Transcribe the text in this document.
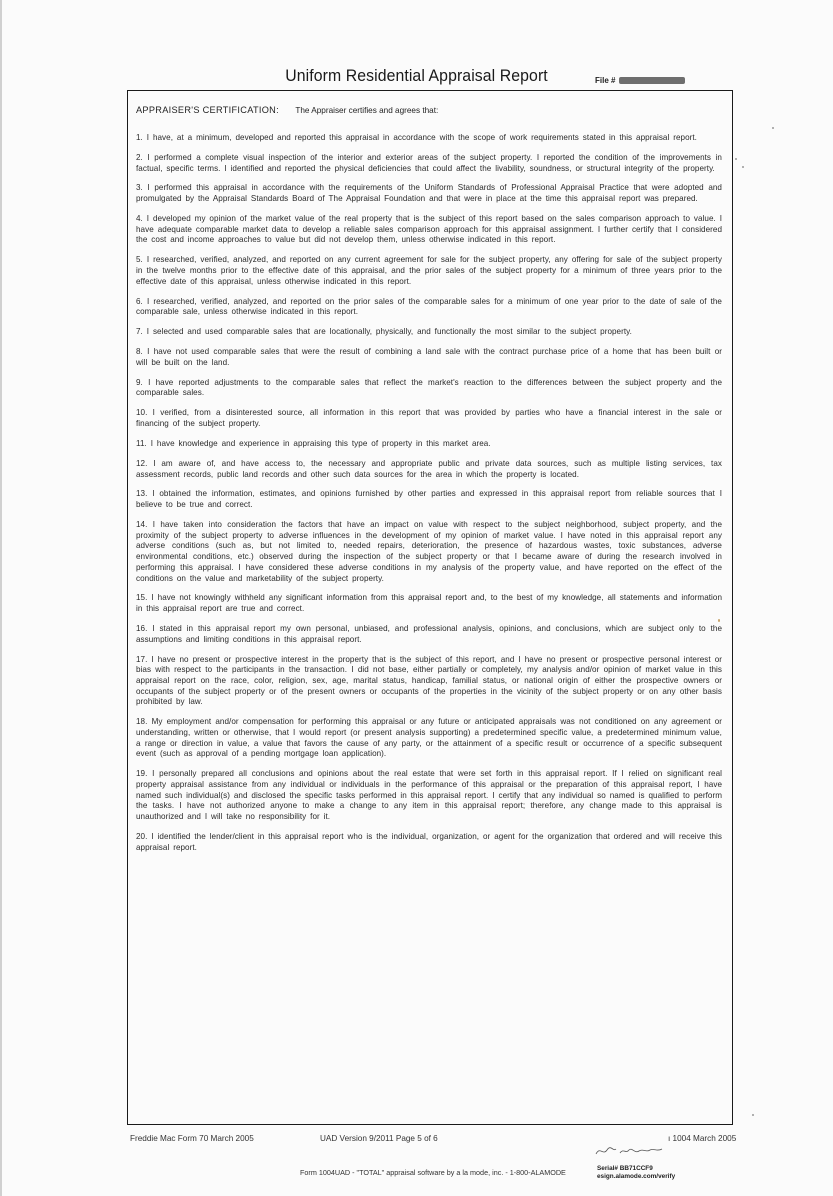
Uniform Residential Appraisal Report	File #
APPRAISER'S CERTIFICATION: The Appraiser certifies and agrees that:

1. I have, at a minimum, developed and reported this appraisal in accordance with the scope of work requirements stated in this appraisal report.

2. I performed a complete visual inspection of the interior and exterior areas of the subject property. I reported the condition of the improvements in factual, specific terms. I identified and reported the physical deficiencies that could affect the livability, soundness, or structural integrity of the property.

3. I performed this appraisal in accordance with the requirements of the Uniform Standards of Professional Appraisal Practice that were adopted and promulgated by the Appraisal Standards Board of The Appraisal Foundation and that were in place at the time this appraisal report was prepared.

4. I developed my opinion of the market value of the real property that is the subject of this report based on the sales comparison approach to value. I have adequate comparable market data to develop a reliable sales comparison approach for this appraisal assignment. I further certify that I considered the cost and income approaches to value but did not develop them, unless otherwise indicated in this report.

5. I researched, verified, analyzed, and reported on any current agreement for sale for the subject property, any offering for sale of the subject property in the twelve months prior to the effective date of this appraisal, and the prior sales of the subject property for a minimum of three years prior to the effective date of this appraisal, unless otherwise indicated in this report.

6. I researched, verified, analyzed, and reported on the prior sales of the comparable sales for a minimum of one year prior to the date of sale of the comparable sale, unless otherwise indicated in this report.

7. I selected and used comparable sales that are locationally, physically, and functionally the most similar to the subject property.

8. I have not used comparable sales that were the result of combining a land sale with the contract purchase price of a home that has been built or will be built on the land.

9. I have reported adjustments to the comparable sales that reflect the market's reaction to the differences between the subject property and the comparable sales.

10. I verified, from a disinterested source, all information in this report that was provided by parties who have a financial interest in the sale or financing of the subject property.

11. I have knowledge and experience in appraising this type of property in this market area.

12. I am aware of, and have access to, the necessary and appropriate public and private data sources, such as multiple listing services, tax assessment records, public land records and other such data sources for the area in which the property is located.

13. I obtained the information, estimates, and opinions furnished by other parties and expressed in this appraisal report from reliable sources that I believe to be true and correct.

14. I have taken into consideration the factors that have an impact on value with respect to the subject neighborhood, subject property, and the proximity of the subject property to adverse influences in the development of my opinion of market value. I have noted in this appraisal report any adverse conditions (such as, but not limited to, needed repairs, deterioration, the presence of hazardous wastes, toxic substances, adverse environmental conditions, etc.) observed during the inspection of the subject property or that I became aware of during the research involved in performing this appraisal. I have considered these adverse conditions in my analysis of the property value, and have reported on the effect of the conditions on the value and marketability of the subject property.

15. I have not knowingly withheld any significant information from this appraisal report and, to the best of my knowledge, all statements and information in this appraisal report are true and correct.

16. I stated in this appraisal report my own personal, unbiased, and professional analysis, opinions, and conclusions, which are subject only to the assumptions and limiting conditions in this appraisal report.

17. I have no present or prospective interest in the property that is the subject of this report, and I have no present or prospective personal interest or bias with respect to the participants in the transaction. I did not base, either partially or completely, my analysis and/or opinion of market value in this appraisal report on the race, color, religion, sex, age, marital status, handicap, familial status, or national origin of either the prospective owners or occupants of the subject property or of the present owners or occupants of the properties in the vicinity of the subject property or on any other basis prohibited by law.

18. My employment and/or compensation for performing this appraisal or any future or anticipated appraisals was not conditioned on any agreement or understanding, written or otherwise, that I would report (or present analysis supporting) a predetermined specific value, a predetermined minimum value, a range or direction in value, a value that favors the cause of any party, or the attainment of a specific result or occurrence of a specific subsequent event (such as approval of a pending mortgage loan application).

19. I personally prepared all conclusions and opinions about the real estate that were set forth in this appraisal report. If I relied on significant real property appraisal assistance from any individual or individuals in the performance of this appraisal or the preparation of this appraisal report, I have named such individual(s) and disclosed the specific tasks performed in this appraisal report. I certify that any individual so named is qualified to perform the tasks. I have not authorized anyone to make a change to any item in this appraisal report; therefore, any change made to this appraisal is unauthorized and I will take no responsibility for it.

20. I identified the lender/client in this appraisal report who is the individual, organization, or agent for the organization that ordered and will receive this appraisal report.

Freddie Mac Form 70 March 2005	UAD Version 9/2011 Page 5 of 6	ı 1004 March 2005
Form 1004UAD - "TOTAL" appraisal software by a la mode, inc. - 1-800-ALAMODE	Serial# BB71CCF9
esign.alamode.com/verify
